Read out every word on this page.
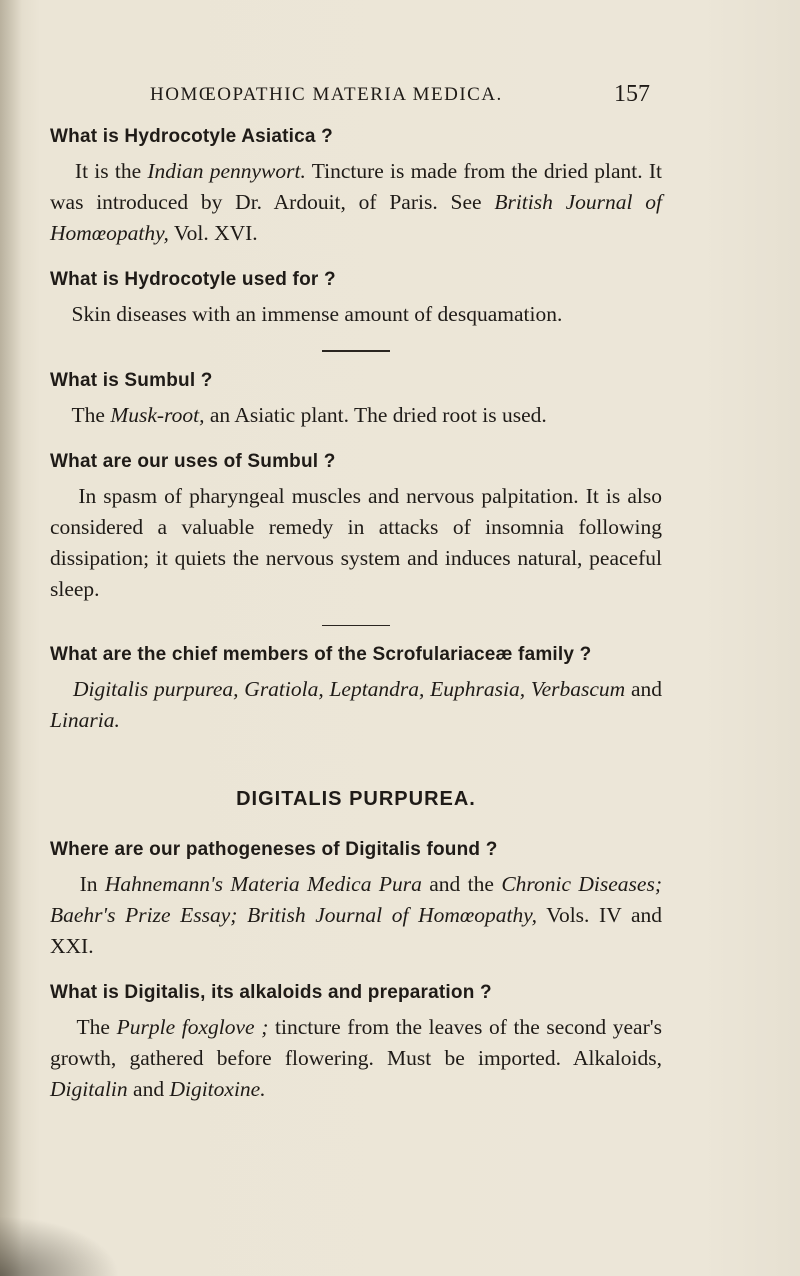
HOMŒOPATHIC MATERIA MEDICA.	157

What is Hydrocotyle Asiatica ?

It is the Indian pennywort. Tincture is made from the dried plant. It was introduced by Dr. Ardouit, of Paris. See British Journal of Homœopathy, Vol. XVI.

What is Hydrocotyle used for ?

Skin diseases with an immense amount of desquamation.

What is Sumbul ?

The Musk-root, an Asiatic plant. The dried root is used.

What are our uses of Sumbul ?

In spasm of pharyngeal muscles and nervous palpitation. It is also considered a valuable remedy in attacks of insomnia following dissipation; it quiets the nervous system and induces natural, peaceful sleep.

What are the chief members of the Scrofulariaceæ family ?

Digitalis purpurea, Gratiola, Leptandra, Euphrasia, Verbascum and Linaria.

DIGITALIS PURPUREA.

Where are our pathogeneses of Digitalis found ?

In Hahnemann's Materia Medica Pura and the Chronic Diseases; Baehr's Prize Essay; British Journal of Homœopathy, Vols. IV and XXI.

What is Digitalis, its alkaloids and preparation ?

The Purple foxglove ; tincture from the leaves of the second year's growth, gathered before flowering. Must be imported. Alkaloids, Digitalin and Digitoxine.
